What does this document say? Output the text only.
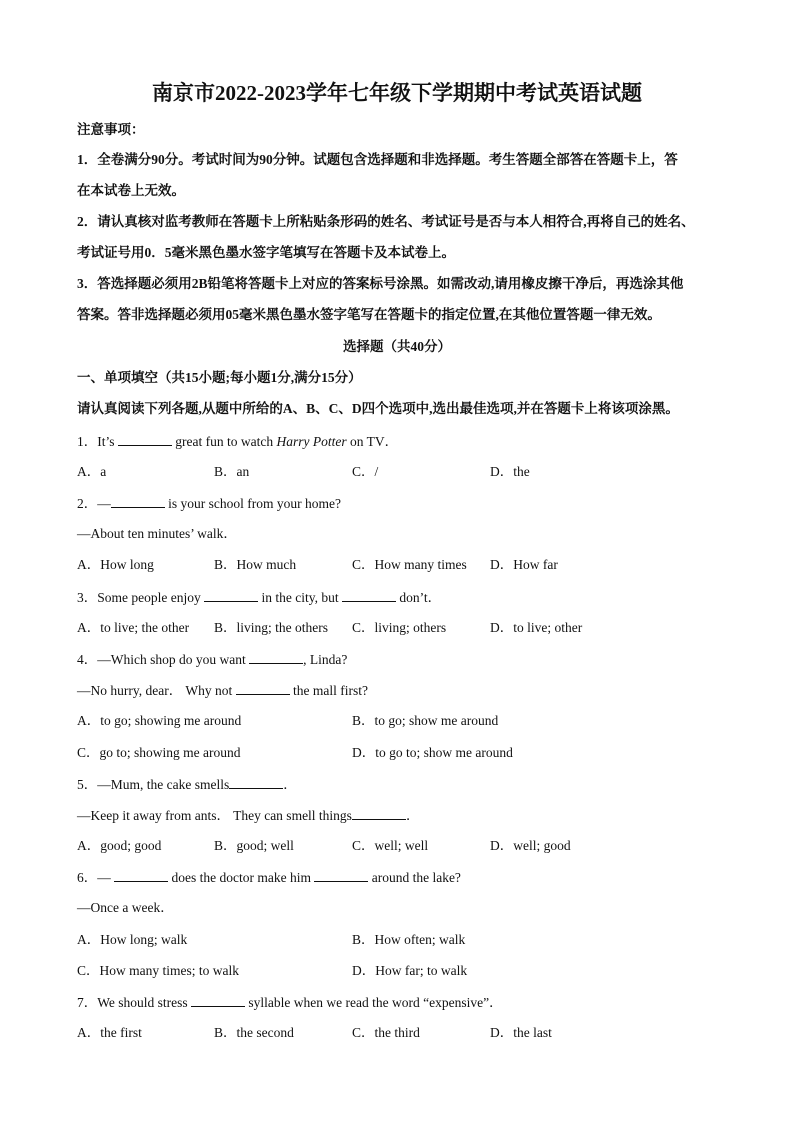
南京市2022-2023学年七年级下学期期中考试英语试题
注意事项：
1．全卷满分90分。考试时间为90分钟。试题包含选择题和非选择题。考生答题全部答在答题卡上，答
在本试卷上无效。
2．请认真核对监考教师在答题卡上所粘贴条形码的姓名、考试证号是否与本人相符合,再将自己的姓名、
考试证号用0．5毫米黑色墨水签字笔填写在答题卡及本试卷上。
3．答选择题必须用2B铅笔将答题卡上对应的答案标号涂黑。如需改动,请用橡皮擦干净后，再选涂其他
答案。答非选择题必须用05毫米黑色墨水签字笔写在答题卡的指定位置,在其他位置答题一律无效。
选择题（共40分）
一、单项填空（共15小题;每小题1分,满分15分）
请认真阅读下列各题,从题中所给的A、B、C、D四个选项中,选出最佳选项,并在答题卡上将该项涂黑。
1．It’s	great fun to watch Harry Potter on TV．
A．a	B．an	C．/	D．the
2．—	is your school from your home?
—About ten minutes’ walk．
A．How long	B．How much	C．How many times D．How far
3．Some people enjoy	in the city, but	don’t．
A．to live; the other B．living; the others C．living; others	D．to live; other
4．—Which shop do you want	, Linda?
—No hurry, dear． Why not	the mall first?
A．to go; showing me around	B．to go; show me around
C．go to; showing me around	D．to go to; show me around
5．—Mum, the cake smells	．
—Keep it away from ants． They can smell things	．
A．good; good	B．good; well	C．well; well	D．well; good
6．—	does the doctor make him	around the lake?
—Once a week．
A．How long; walk	B．How often; walk
C．How many times; to walk	D．How far; to walk
7．We should stress	syllable when we read the word “expensive”．
A．the first	B．the second	C．the third	D．the last
